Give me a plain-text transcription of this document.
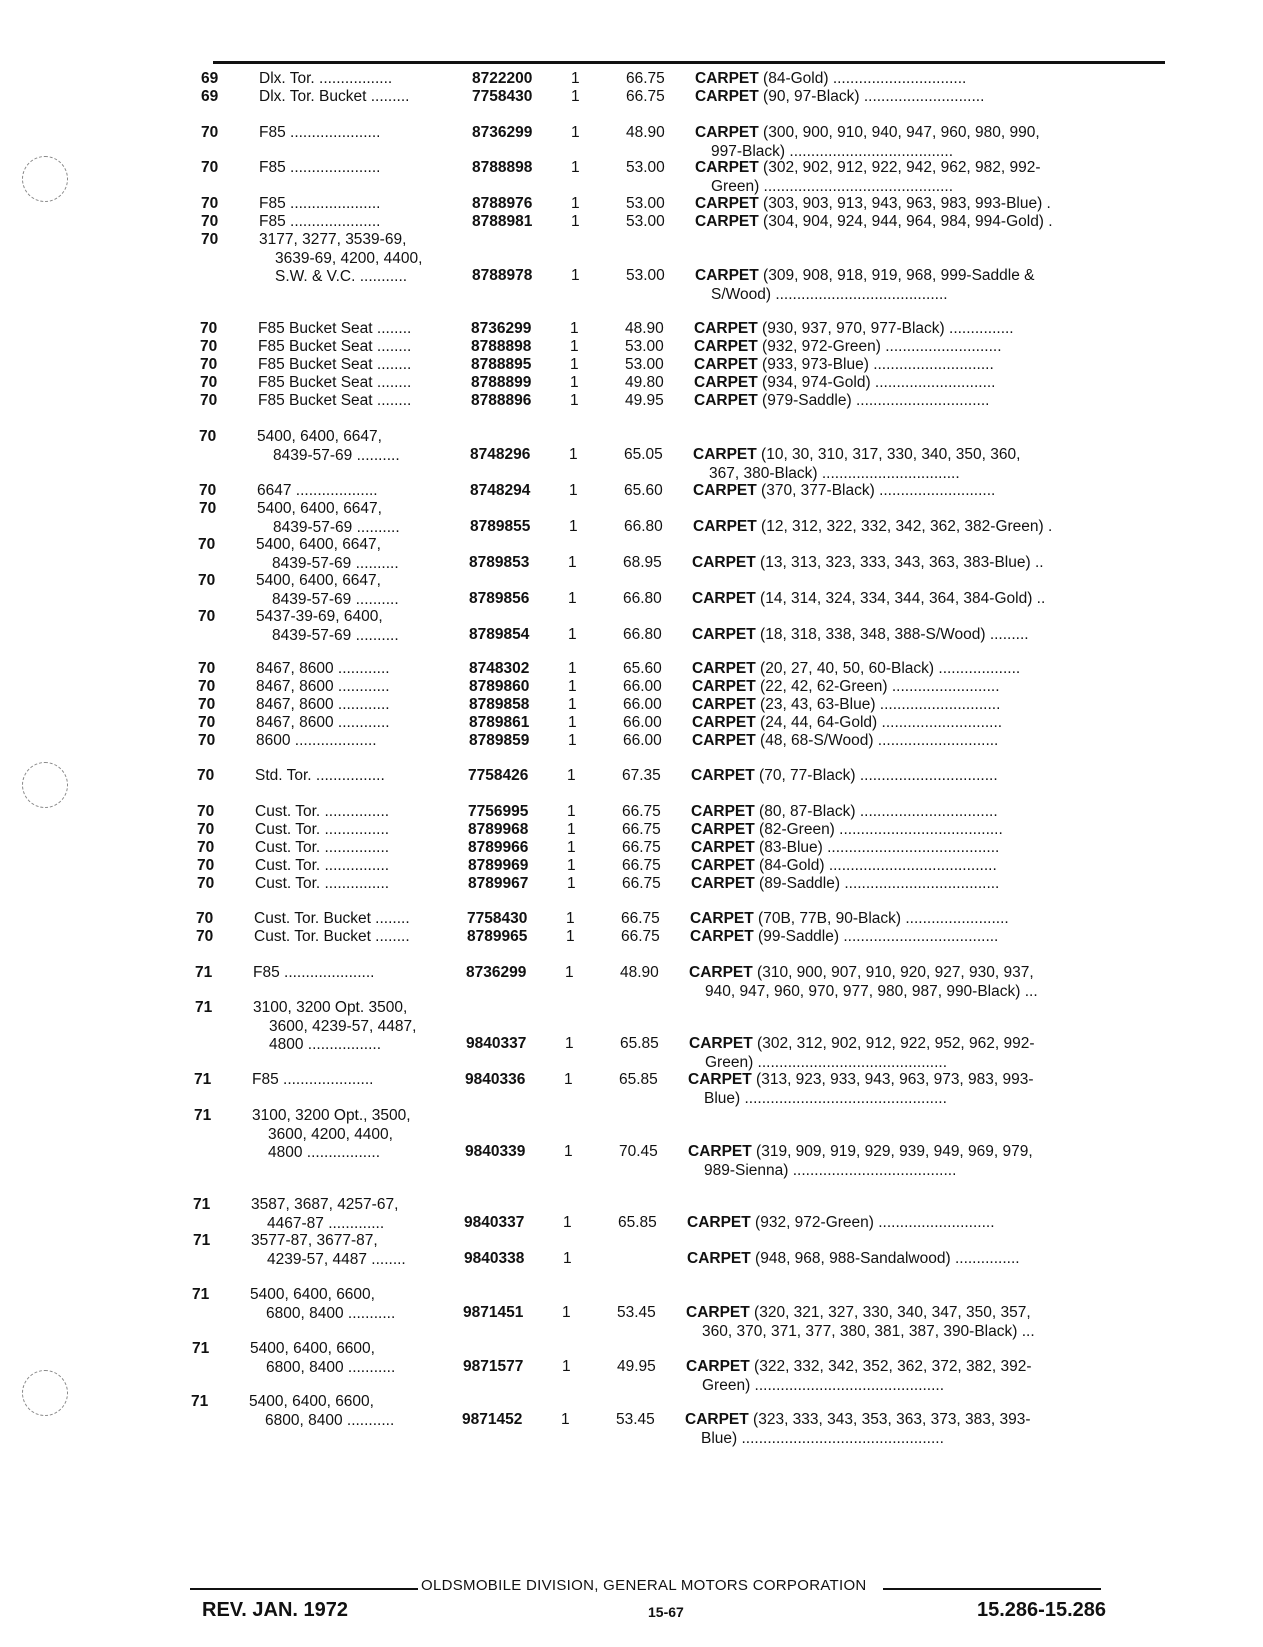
69	Dlx. Tor. .................	8722200 1	66.75 CARPET (84-Gold) ...............................
69	Dlx. Tor. Bucket .........	7758430 1	66.75 CARPET (90, 97-Black) ............................
70	F85 .....................	8736299 1	48.90 CARPET (300, 900, 910, 940, 947, 960, 980, 990,
997-Black) ......................................
70	F85 .....................	8788898 1	53.00 CARPET (302, 902, 912, 922, 942, 962, 982, 992-
Green) ............................................
70	F85 .....................	8788976 1	53.00 CARPET (303, 903, 913, 943, 963, 983, 993-Blue) .
70	F85 .....................	8788981 1	53.00 CARPET (304, 904, 924, 944, 964, 984, 994-Gold) .
70	3177, 3277, 3539-69,
3639-69, 4200, 4400,
S.W. & V.C. ...........	8788978 1	53.00 CARPET (309, 908, 918, 919, 968, 999-Saddle &
S/Wood) ........................................
70	F85 Bucket Seat ........	8736299 1	48.90 CARPET (930, 937, 970, 977-Black) ...............
70	F85 Bucket Seat ........	8788898 1	53.00 CARPET (932, 972-Green) ...........................
70	F85 Bucket Seat ........	8788895 1	53.00 CARPET (933, 973-Blue) ............................
70	F85 Bucket Seat ........	8788899 1	49.80 CARPET (934, 974-Gold) ............................
70	F85 Bucket Seat ........	8788896 1	49.95 CARPET (979-Saddle) ...............................
70	5400, 6400, 6647,
8439-57-69 ..........	8748296 1	65.05 CARPET (10, 30, 310, 317, 330, 340, 350, 360,
367, 380-Black) ................................
70	6647 ...................	8748294 1	65.60 CARPET (370, 377-Black) ...........................
70	5400, 6400, 6647,
8439-57-69 ..........	8789855 1	66.80 CARPET (12, 312, 322, 332, 342, 362, 382-Green) .
70	5400, 6400, 6647,
8439-57-69 ..........	8789853 1	68.95 CARPET (13, 313, 323, 333, 343, 363, 383-Blue) ..
70	5400, 6400, 6647,
8439-57-69 ..........	8789856 1	66.80 CARPET (14, 314, 324, 334, 344, 364, 384-Gold) ..
70	5437-39-69, 6400,
8439-57-69 ..........	8789854 1	66.80 CARPET (18, 318, 338, 348, 388-S/Wood) .........
70	8467, 8600 ............	8748302 1	65.60 CARPET (20, 27, 40, 50, 60-Black) ...................
70	8467, 8600 ............	8789860 1	66.00 CARPET (22, 42, 62-Green) .........................
70	8467, 8600 ............	8789858 1	66.00 CARPET (23, 43, 63-Blue) ............................
70	8467, 8600 ............	8789861 1	66.00 CARPET (24, 44, 64-Gold) ............................
70	8600 ...................	8789859 1	66.00 CARPET (48, 68-S/Wood) ............................
70	Std. Tor. ................	7758426 1	67.35 CARPET (70, 77-Black) ................................
70	Cust. Tor. ...............	7756995 1	66.75 CARPET (80, 87-Black) ................................
70	Cust. Tor. ...............	8789968 1	66.75 CARPET (82-Green) ......................................
70	Cust. Tor. ...............	8789966 1	66.75 CARPET (83-Blue) ........................................
70	Cust. Tor. ...............	8789969 1	66.75 CARPET (84-Gold) .......................................
70	Cust. Tor. ...............	8789967 1	66.75 CARPET (89-Saddle) ....................................
70	Cust. Tor. Bucket ........	7758430 1	66.75 CARPET (70B, 77B, 90-Black) ........................
70	Cust. Tor. Bucket ........	8789965 1	66.75 CARPET (99-Saddle) ....................................
71	F85 .....................	8736299 1	48.90 CARPET (310, 900, 907, 910, 920, 927, 930, 937,
940, 947, 960, 970, 977, 980, 987, 990-Black) ...
71	3100, 3200 Opt. 3500,
3600, 4239-57, 4487,
4800 .................	9840337 1	65.85 CARPET (302, 312, 902, 912, 922, 952, 962, 992-
Green) ............................................
71	F85 .....................	9840336 1	65.85 CARPET (313, 923, 933, 943, 963, 973, 983, 993-
Blue) ...............................................
71	3100, 3200 Opt., 3500,
3600, 4200, 4400,
4800 .................	9840339 1	70.45 CARPET (319, 909, 919, 929, 939, 949, 969, 979,
989-Sienna) ......................................
71	3587, 3687, 4257-67,
4467-87 .............	9840337 1	65.85 CARPET (932, 972-Green) ...........................
71	3577-87, 3677-87,
4239-57, 4487 ........	9840338 1	CARPET (948, 968, 988-Sandalwood) ...............
71	5400, 6400, 6600,
6800, 8400 ...........	9871451 1	53.45 CARPET (320, 321, 327, 330, 340, 347, 350, 357,
360, 370, 371, 377, 380, 381, 387, 390-Black) ...
71	5400, 6400, 6600,
6800, 8400 ...........	9871577 1	49.95 CARPET (322, 332, 342, 352, 362, 372, 382, 392-
Green) ............................................
71	5400, 6400, 6600,
6800, 8400 ...........	9871452 1	53.45 CARPET (323, 333, 343, 353, 363, 373, 383, 393-
Blue) ...............................................
OLDSMOBILE DIVISION, GENERAL MOTORS CORPORATION
REV. JAN. 1972	15-67	15.286-15.286
